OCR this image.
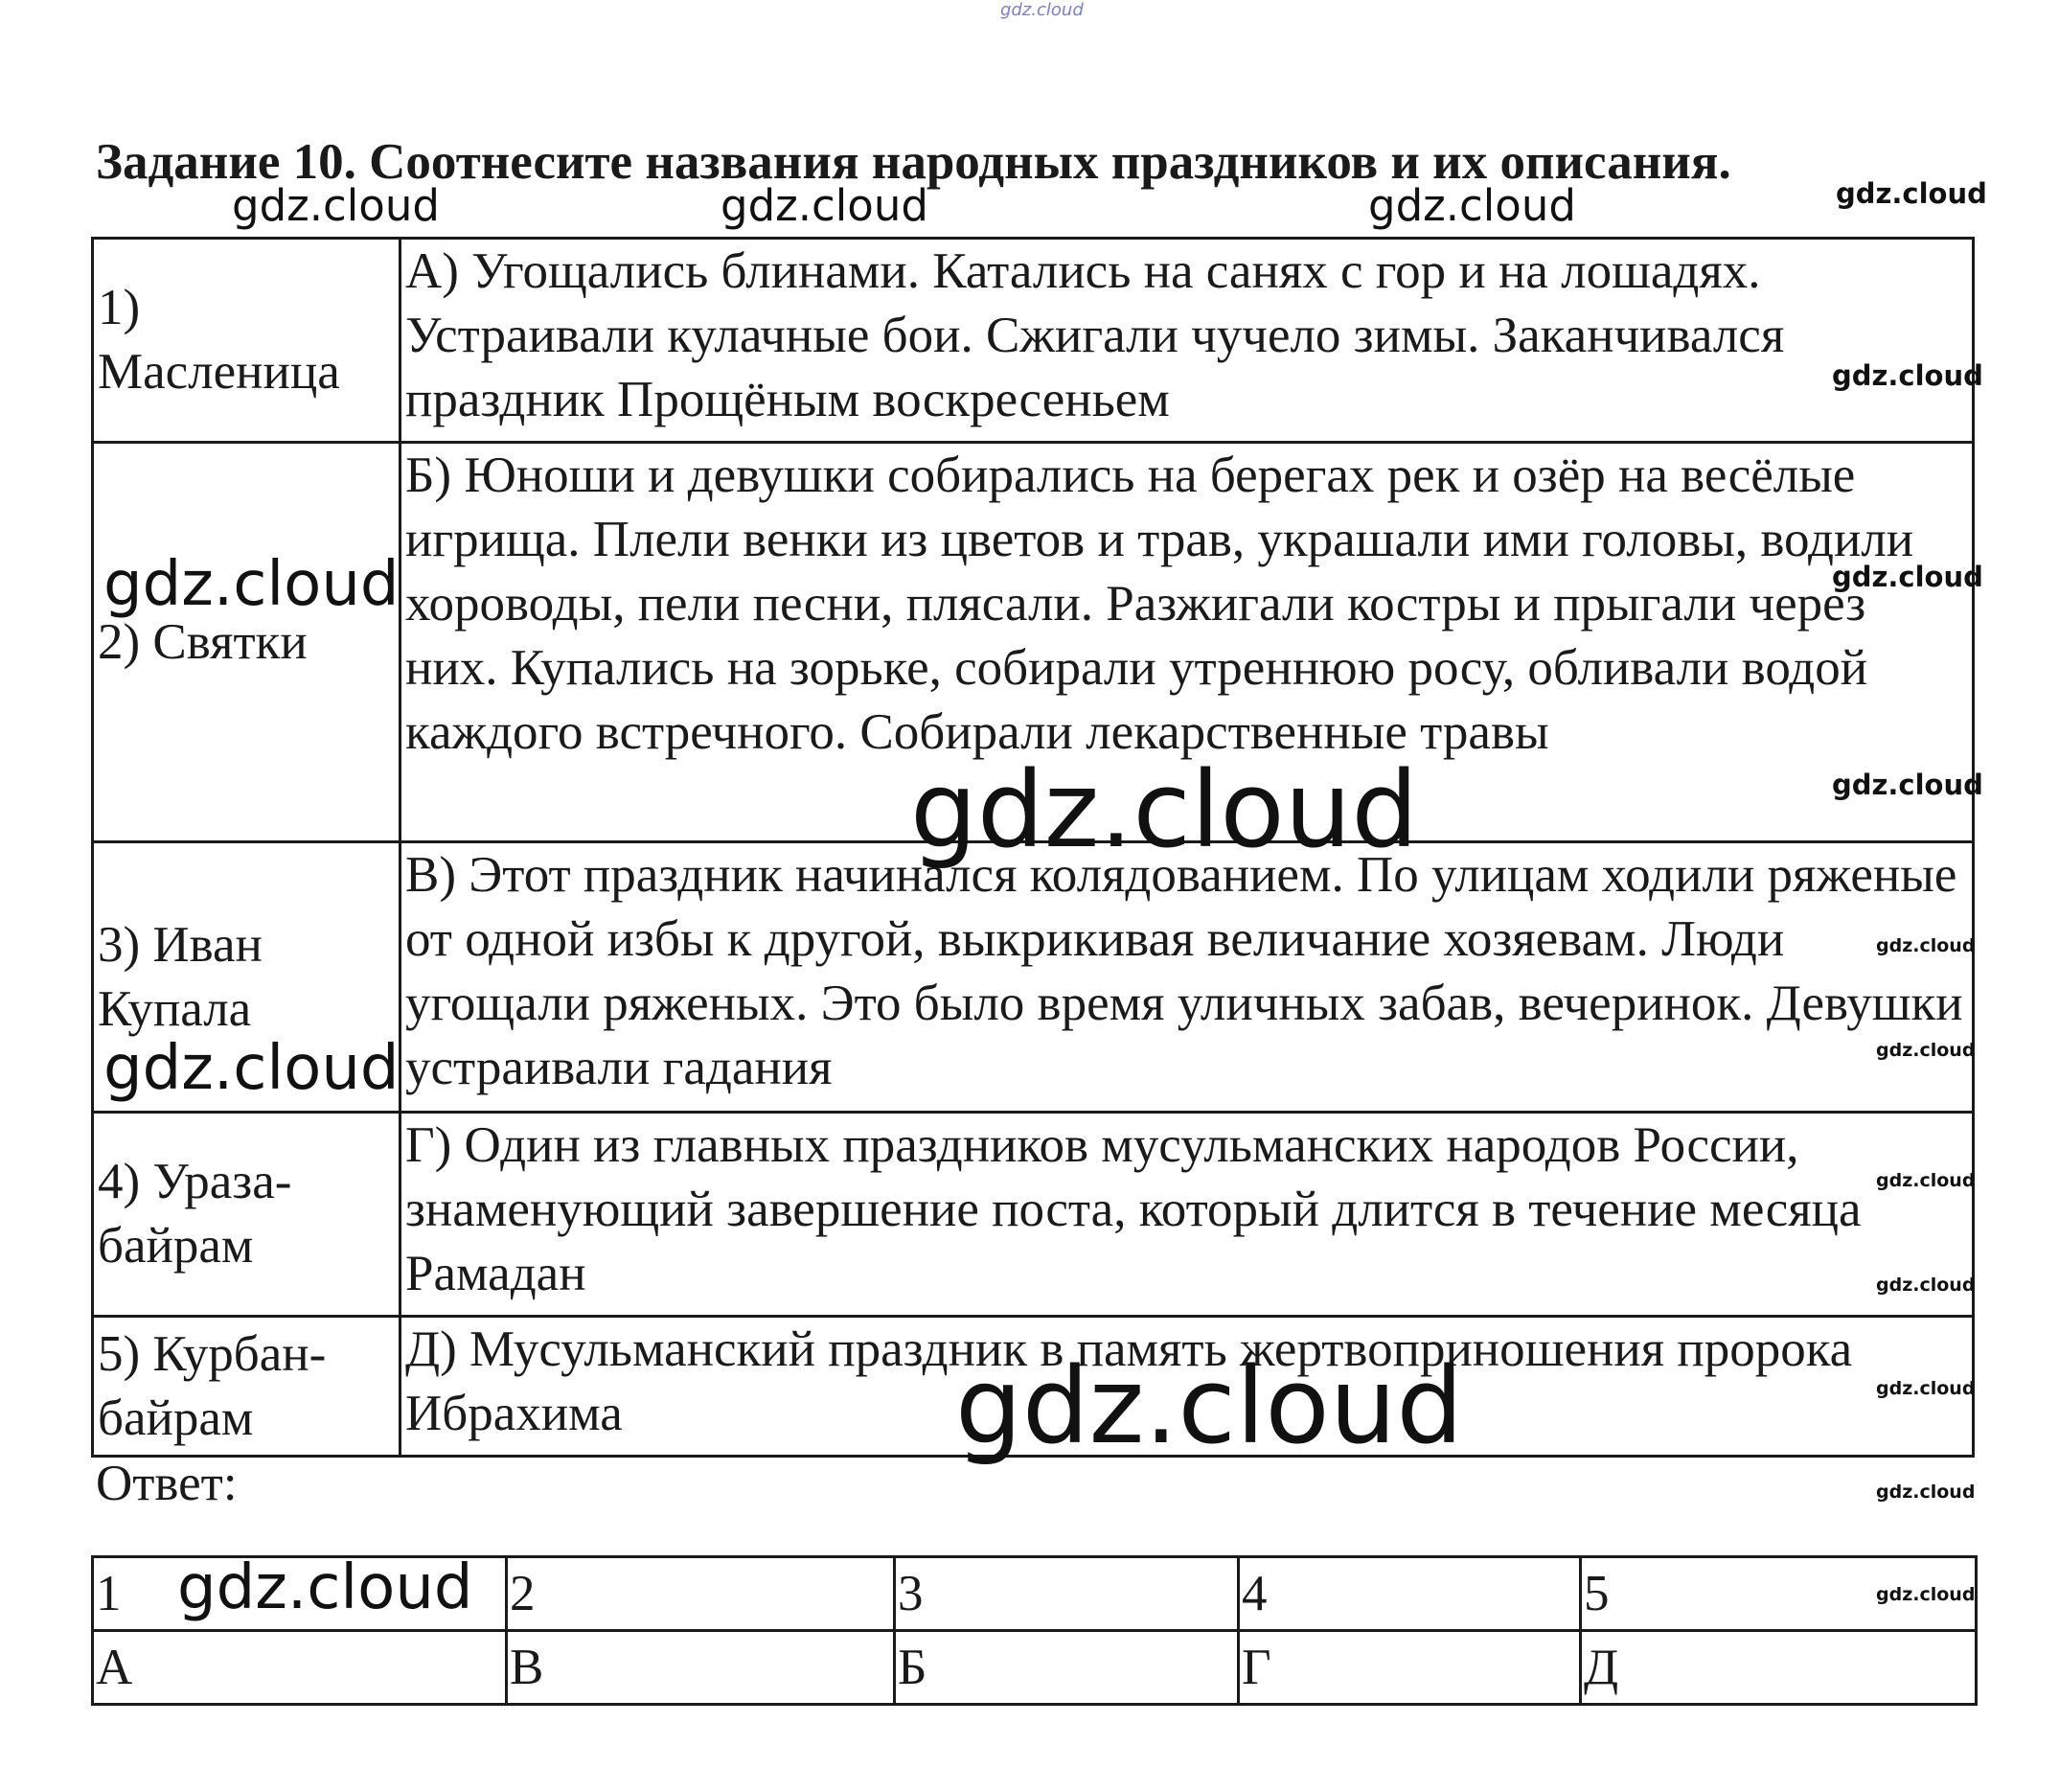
gdz.cloud
Задание 10. Соотнесите названия народных праздников и их описания.
gdz.cloud	gdz.cloud	gdz.cloud	gdz.cloud
1) Масленица	А) Угощались блинами. Катались на санях с гор и на лошадях. Устраивали кулачные бои. Сжигали чучело зимы. Заканчивался праздник Прощёным воскресеньем
2) Святки	Б) Юноши и девушки собирались на берегах рек и озёр на весёлые игрища. Плели венки из цветов и трав, украшали ими головы, водили хороводы, пели песни, плясали. Разжигали костры и прыгали через них. Купались на зорьке, собирали утреннюю росу, обливали водой каждого встречного. Собирали лекарственные травы
3) Иван Купала	В) Этот праздник начинался колядованием. По улицам ходили ряженые от одной избы к другой, выкрикивая величание хозяевам. Люди угощали ряженых. Это было время уличных забав, вечеринок. Девушки устраивали гадания
4) Ураза-байрам	Г) Один из главных праздников мусульманских народов России, знаменующий завершение поста, который длится в течение месяца Рамадан
5) Курбан-байрам	Д) Мусульманский праздник в память жертвоприношения пророка Ибрахима
Ответ:
1	2	3	4	5
А	В	Б	Г	Д
gdz.cloud
gdz.cloud	gdz.cloud
gdz.cloud
gdz.cloud
gdz.cloud
gdz.cloud	gdz.cloud
gdz.cloud
gdz.cloud
gdz.cloud
gdz.cloud
gdz.cloud
gdz.cloud	gdz.cloud
